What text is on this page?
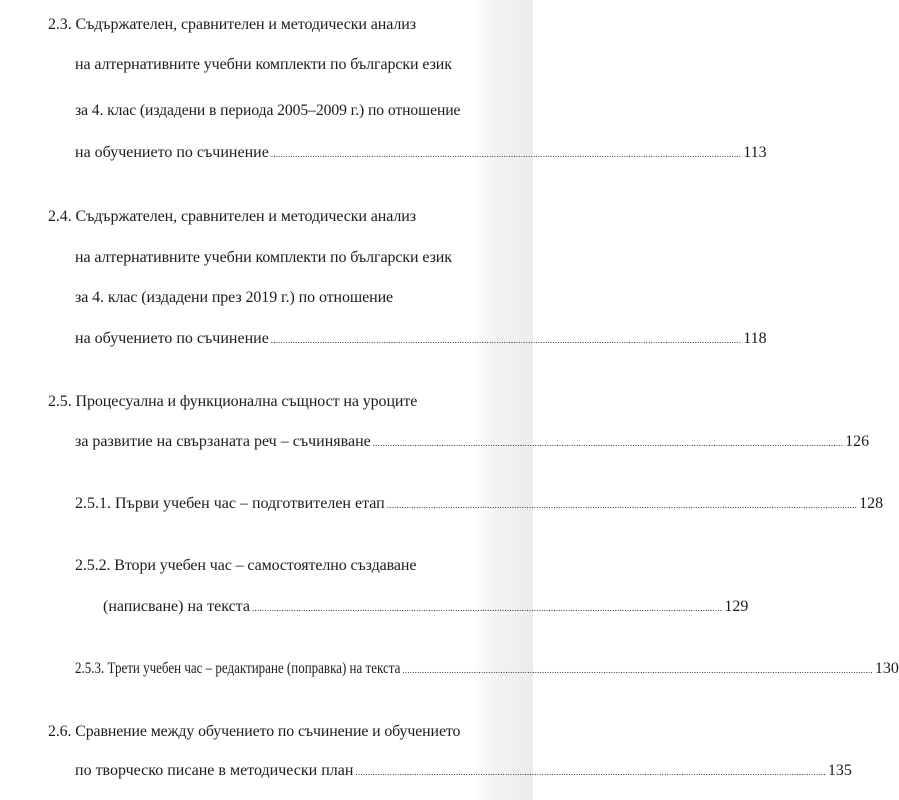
2.3. Съдържателен, сравнителен и методически анализ
на алтернативните учебни комплекти по български език
за 4. клас (издадени в периода 2005–2009 г.) по отношение
на обучението по съчинение ................................................................................................................................................................................................ 113
2.4. Съдържателен, сравнителен и методически анализ
на алтернативните учебни комплекти по български език
за 4. клас (издадени през 2019 г.) по отношение
на обучението по съчинение ................................................................................................................................................................................................ 118
2.5. Процесуална и функционална същност на уроците
за развитие на свързаната реч – съчиняване ................................................................................................................................................................................................ 126
2.5.1. Първи учебен час – подготвителен етап ................................................................................................................................................................................................ 128
2.5.2. Втори учебен час – самостоятелно създаване
(написване) на текста ................................................................................................................................................................................................ 129
2.5.3. Трети учебен час – редактиране (поправка) на текста ................................................................................................................................................................................................ 130
2.6. Сравнение между обучението по съчинение и обучението
по творческо писане в методически план ................................................................................................................................................................................................ 135
